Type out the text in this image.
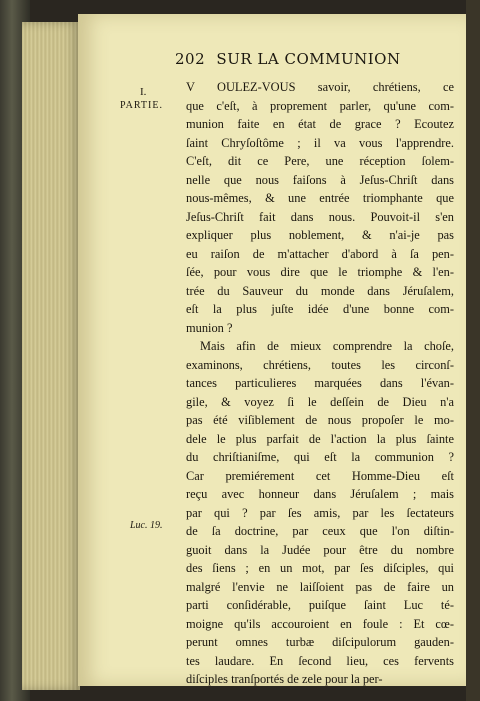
202 SUR LA COMMUNION
I.
PARTIE.
Luc. 19.
V OULEZ-VOUS savoir, chrétiens, ce
que c'eſt, à proprement parler, qu'une com-
munion faite en état de grace ? Ecoutez
ſaint Chryſoſtôme ; il va vous l'apprendre.
C'eſt, dit ce Pere, une réception ſolem-
nelle que nous faiſons à Jeſus-Chriſt dans
nous-mêmes, & une entrée triomphante que
Jeſus-Chriſt fait dans nous. Pouvoit-il s'en
expliquer plus noblement, & n'ai-je pas
eu raiſon de m'attacher d'abord à ſa pen-
ſée, pour vous dire que le triomphe & l'en-
trée du Sauveur du monde dans Jéruſalem,
eſt la plus juſte idée d'une bonne com-
munion ?
Mais afin de mieux comprendre la choſe,
examinons, chrétiens, toutes les circonſ-
tances particulieres marquées dans l'évan-
gile, & voyez ſi le deſſein de Dieu n'a
pas été viſiblement de nous propoſer le mo-
dele le plus parfait de l'action la plus ſainte
du chriſtianiſme, qui eſt la communion ?
Car premiérement cet Homme-Dieu eſt
reçu avec honneur dans Jéruſalem ; mais
par qui ? par ſes amis, par les ſectateurs
de ſa doctrine, par ceux que l'on diſtin-
guoit dans la Judée pour être du nombre
des ſiens ; en un mot, par ſes diſciples, qui
malgré l'envie ne laiſſoient pas de faire un
parti conſidérable, puiſque ſaint Luc té-
moigne qu'ils accouroient en foule : Et cœ-
perunt omnes turbæ diſcipulorum gauden-
tes laudare. En ſecond lieu, ces fervents
diſciples tranſportés de zele pour la per-
